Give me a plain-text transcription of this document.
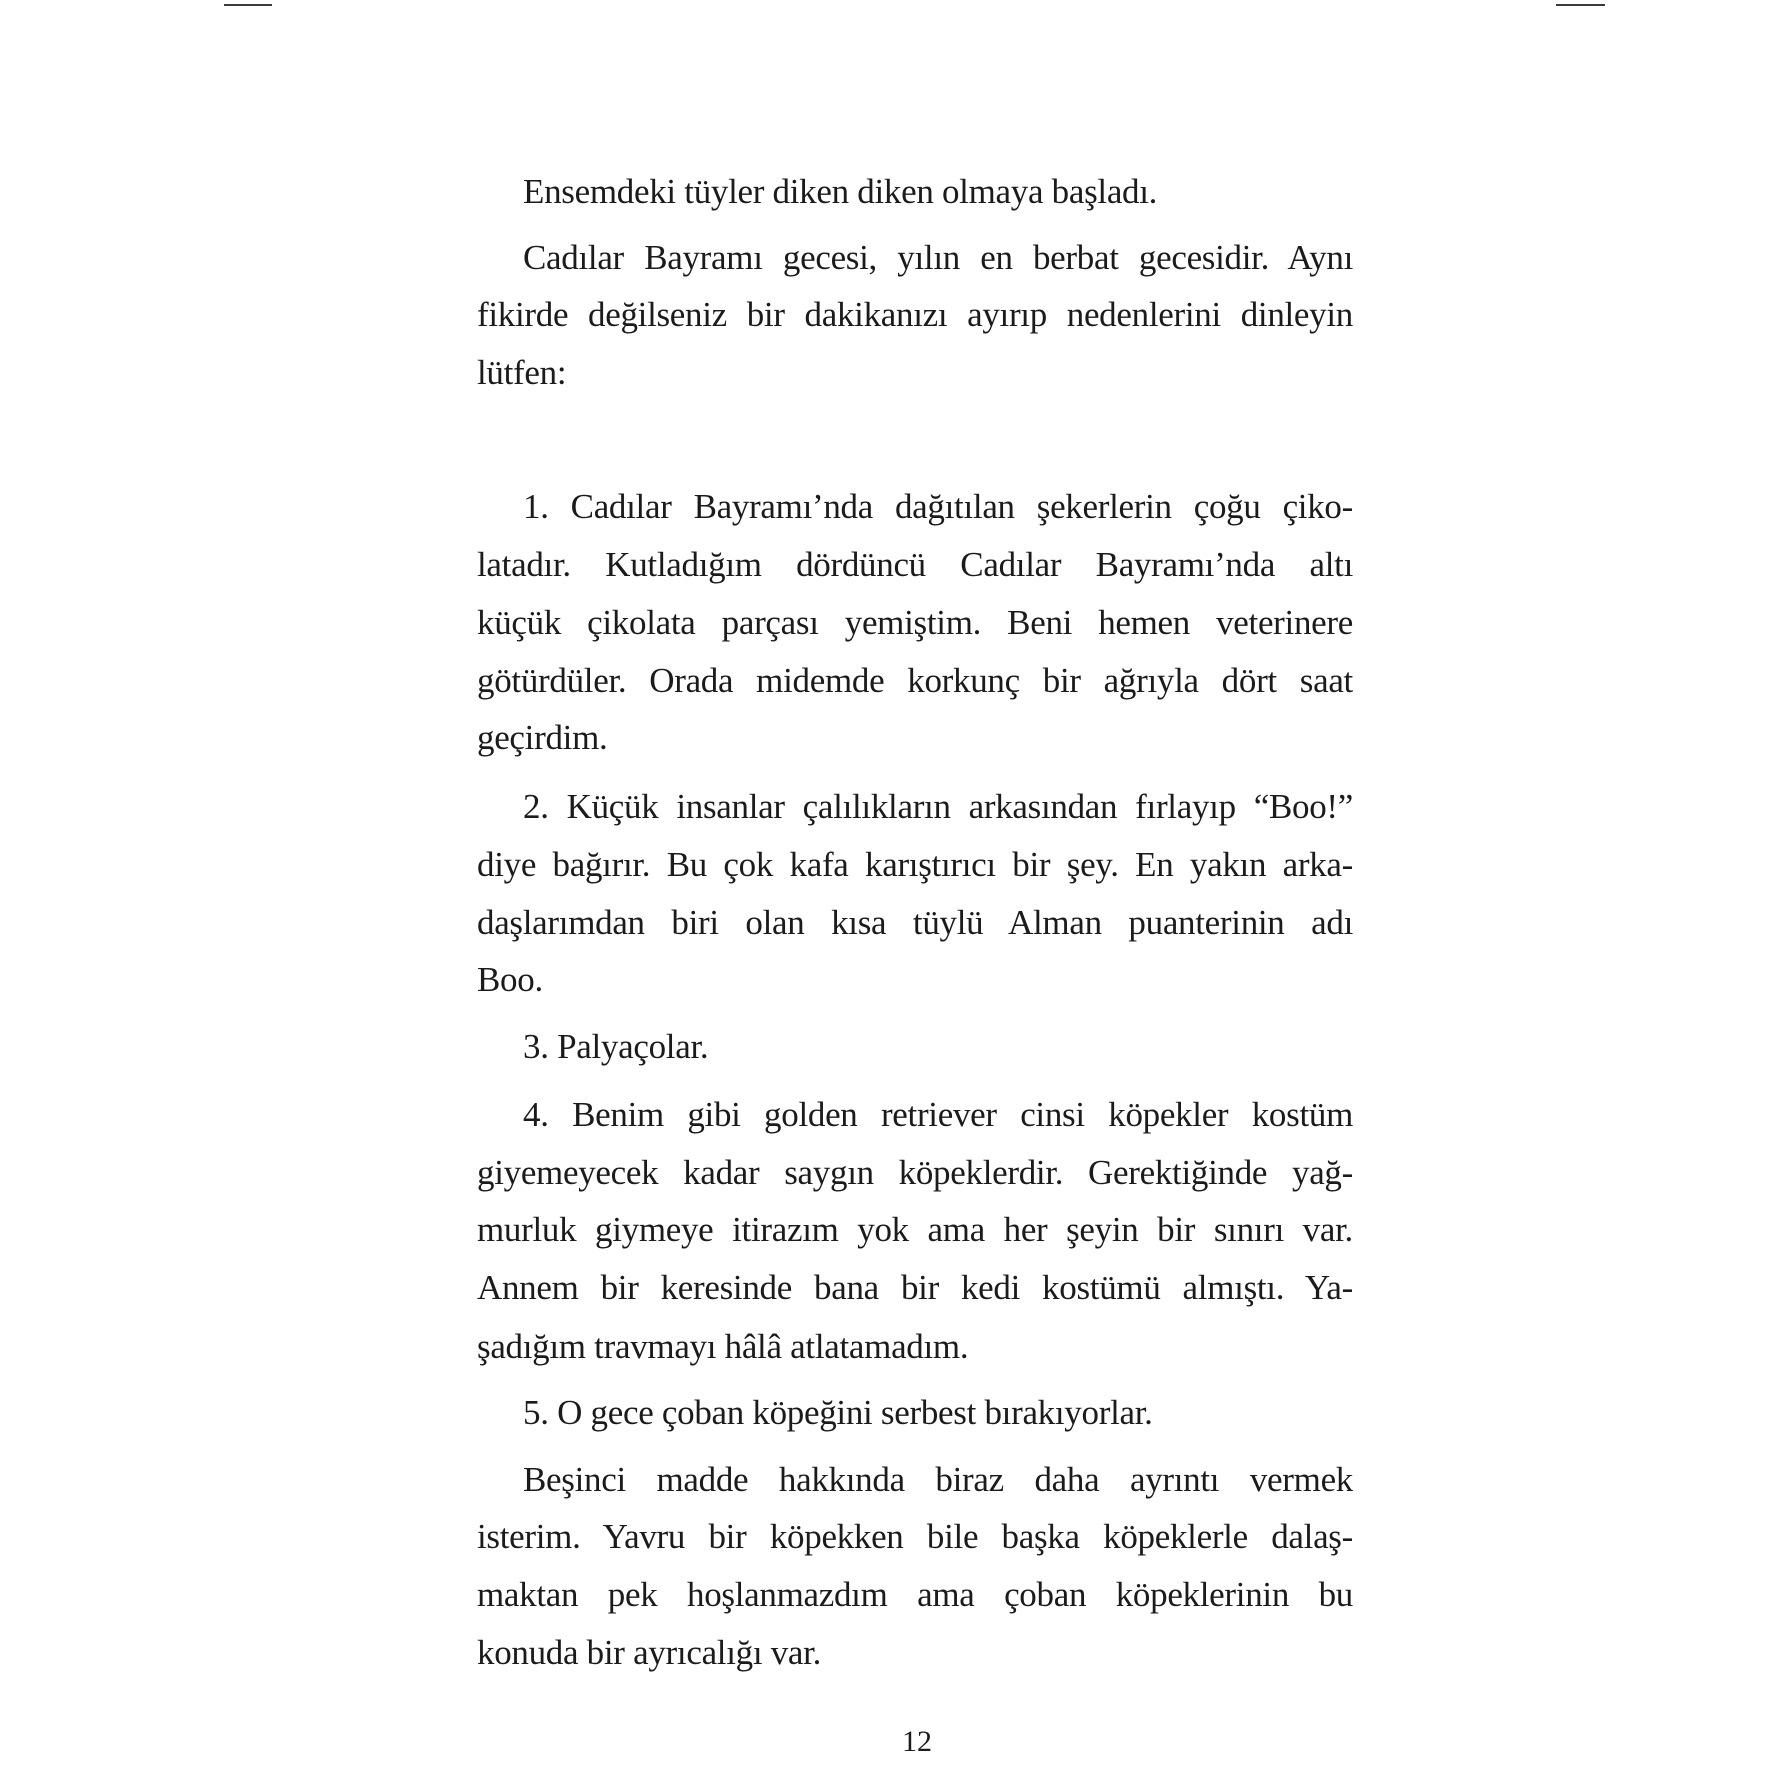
Ensemdeki tüyler diken diken olmaya başladı.
Cadılar Bayramı gecesi, yılın en berbat gecesidir. Aynı
fikirde değilseniz bir dakikanızı ayırıp nedenlerini dinleyin
lütfen:
1. Cadılar Bayramı’nda dağıtılan şekerlerin çoğu çiko-
latadır. Kutladığım dördüncü Cadılar Bayramı’nda altı
küçük çikolata parçası yemiştim. Beni hemen veterinere
götürdüler. Orada midemde korkunç bir ağrıyla dört saat
geçirdim.
2. Küçük insanlar çalılıkların arkasından fırlayıp “Boo!”
diye bağırır. Bu çok kafa karıştırıcı bir şey. En yakın arka-
daşlarımdan biri olan kısa tüylü Alman puanterinin adı
Boo.
3. Palyaçolar.
4. Benim gibi golden retriever cinsi köpekler kostüm
giyemeyecek kadar saygın köpeklerdir. Gerektiğinde yağ-
murluk giymeye itirazım yok ama her şeyin bir sınırı var.
Annem bir keresinde bana bir kedi kostümü almıştı. Ya-
şadığım travmayı hâlâ atlatamadım.
5. O gece çoban köpeğini serbest bırakıyorlar.
Beşinci madde hakkında biraz daha ayrıntı vermek
isterim. Yavru bir köpekken bile başka köpeklerle dalaş-
maktan pek hoşlanmazdım ama çoban köpeklerinin bu
konuda bir ayrıcalığı var.
12
